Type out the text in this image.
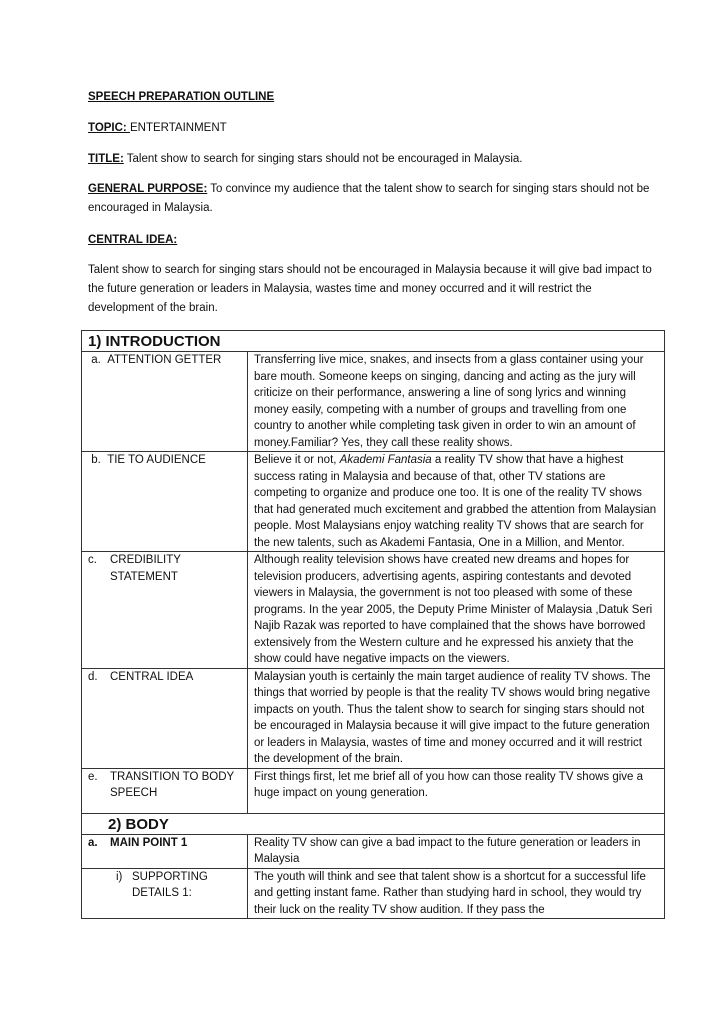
SPEECH PREPARATION OUTLINE
TOPIC: ENTERTAINMENT
TITLE: Talent show to search for singing stars should not be encouraged in Malaysia.
GENERAL PURPOSE: To convince my audience that the talent show to search for singing stars should not be encouraged in Malaysia.
CENTRAL IDEA:
Talent show to search for singing stars should not be encouraged in Malaysia because it will give bad impact to the future generation or leaders in Malaysia, wastes time and money occurred and it will restrict the development of the brain.
1) INTRODUCTION	
a. ATTENTION GETTER	Transferring live mice, snakes, and insects from a glass container using your bare mouth. Someone keeps on singing, dancing and acting as the jury will criticize on their performance, answering a line of song lyrics and winning money easily, competing with a number of groups and travelling from one country to another while completing task given in order to win an amount of money.Familiar? Yes, they call these reality shows.
b. TIE TO AUDIENCE	Believe it or not, Akademi Fantasia a reality TV show that have a highest success rating in Malaysia and because of that, other TV stations are competing to organize and produce one too. It is one of the reality TV shows that had generated much excitement and grabbed the attention from Malaysian people. Most Malaysians enjoy watching reality TV shows that are search for the new talents, such as Akademi Fantasia, One in a Million, and Mentor.
c. CREDIBILITY STATEMENT	Although reality television shows have created new dreams and hopes for television producers, advertising agents, aspiring contestants and devoted viewers in Malaysia, the government is not too pleased with some of these programs. In the year 2005, the Deputy Prime Minister of Malaysia ,Datuk Seri Najib Razak was reported to have complained that the shows have borrowed extensively from the Western culture and he expressed his anxiety that the show could have negative impacts on the viewers.
d. CENTRAL IDEA	Malaysian youth is certainly the main target audience of reality TV shows. The things that worried by people is that the reality TV shows would bring negative impacts on youth. Thus the talent show to search for singing stars should not be encouraged in Malaysia because it will give impact to the future generation or leaders in Malaysia, wastes of time and money occurred and it will restrict the development of the brain.
e. TRANSITION TO BODY SPEECH	First things first, let me brief all of you how can those reality TV shows give a huge impact on young generation.
2) BODY	
a. MAIN POINT 1	Reality TV show can give a bad impact to the future generation or leaders in Malaysia
i) SUPPORTING DETAILS 1:	The youth will think and see that talent show is a shortcut for a successful life and getting instant fame. Rather than studying hard in school, they would try their luck on the reality TV show audition. If they pass the
